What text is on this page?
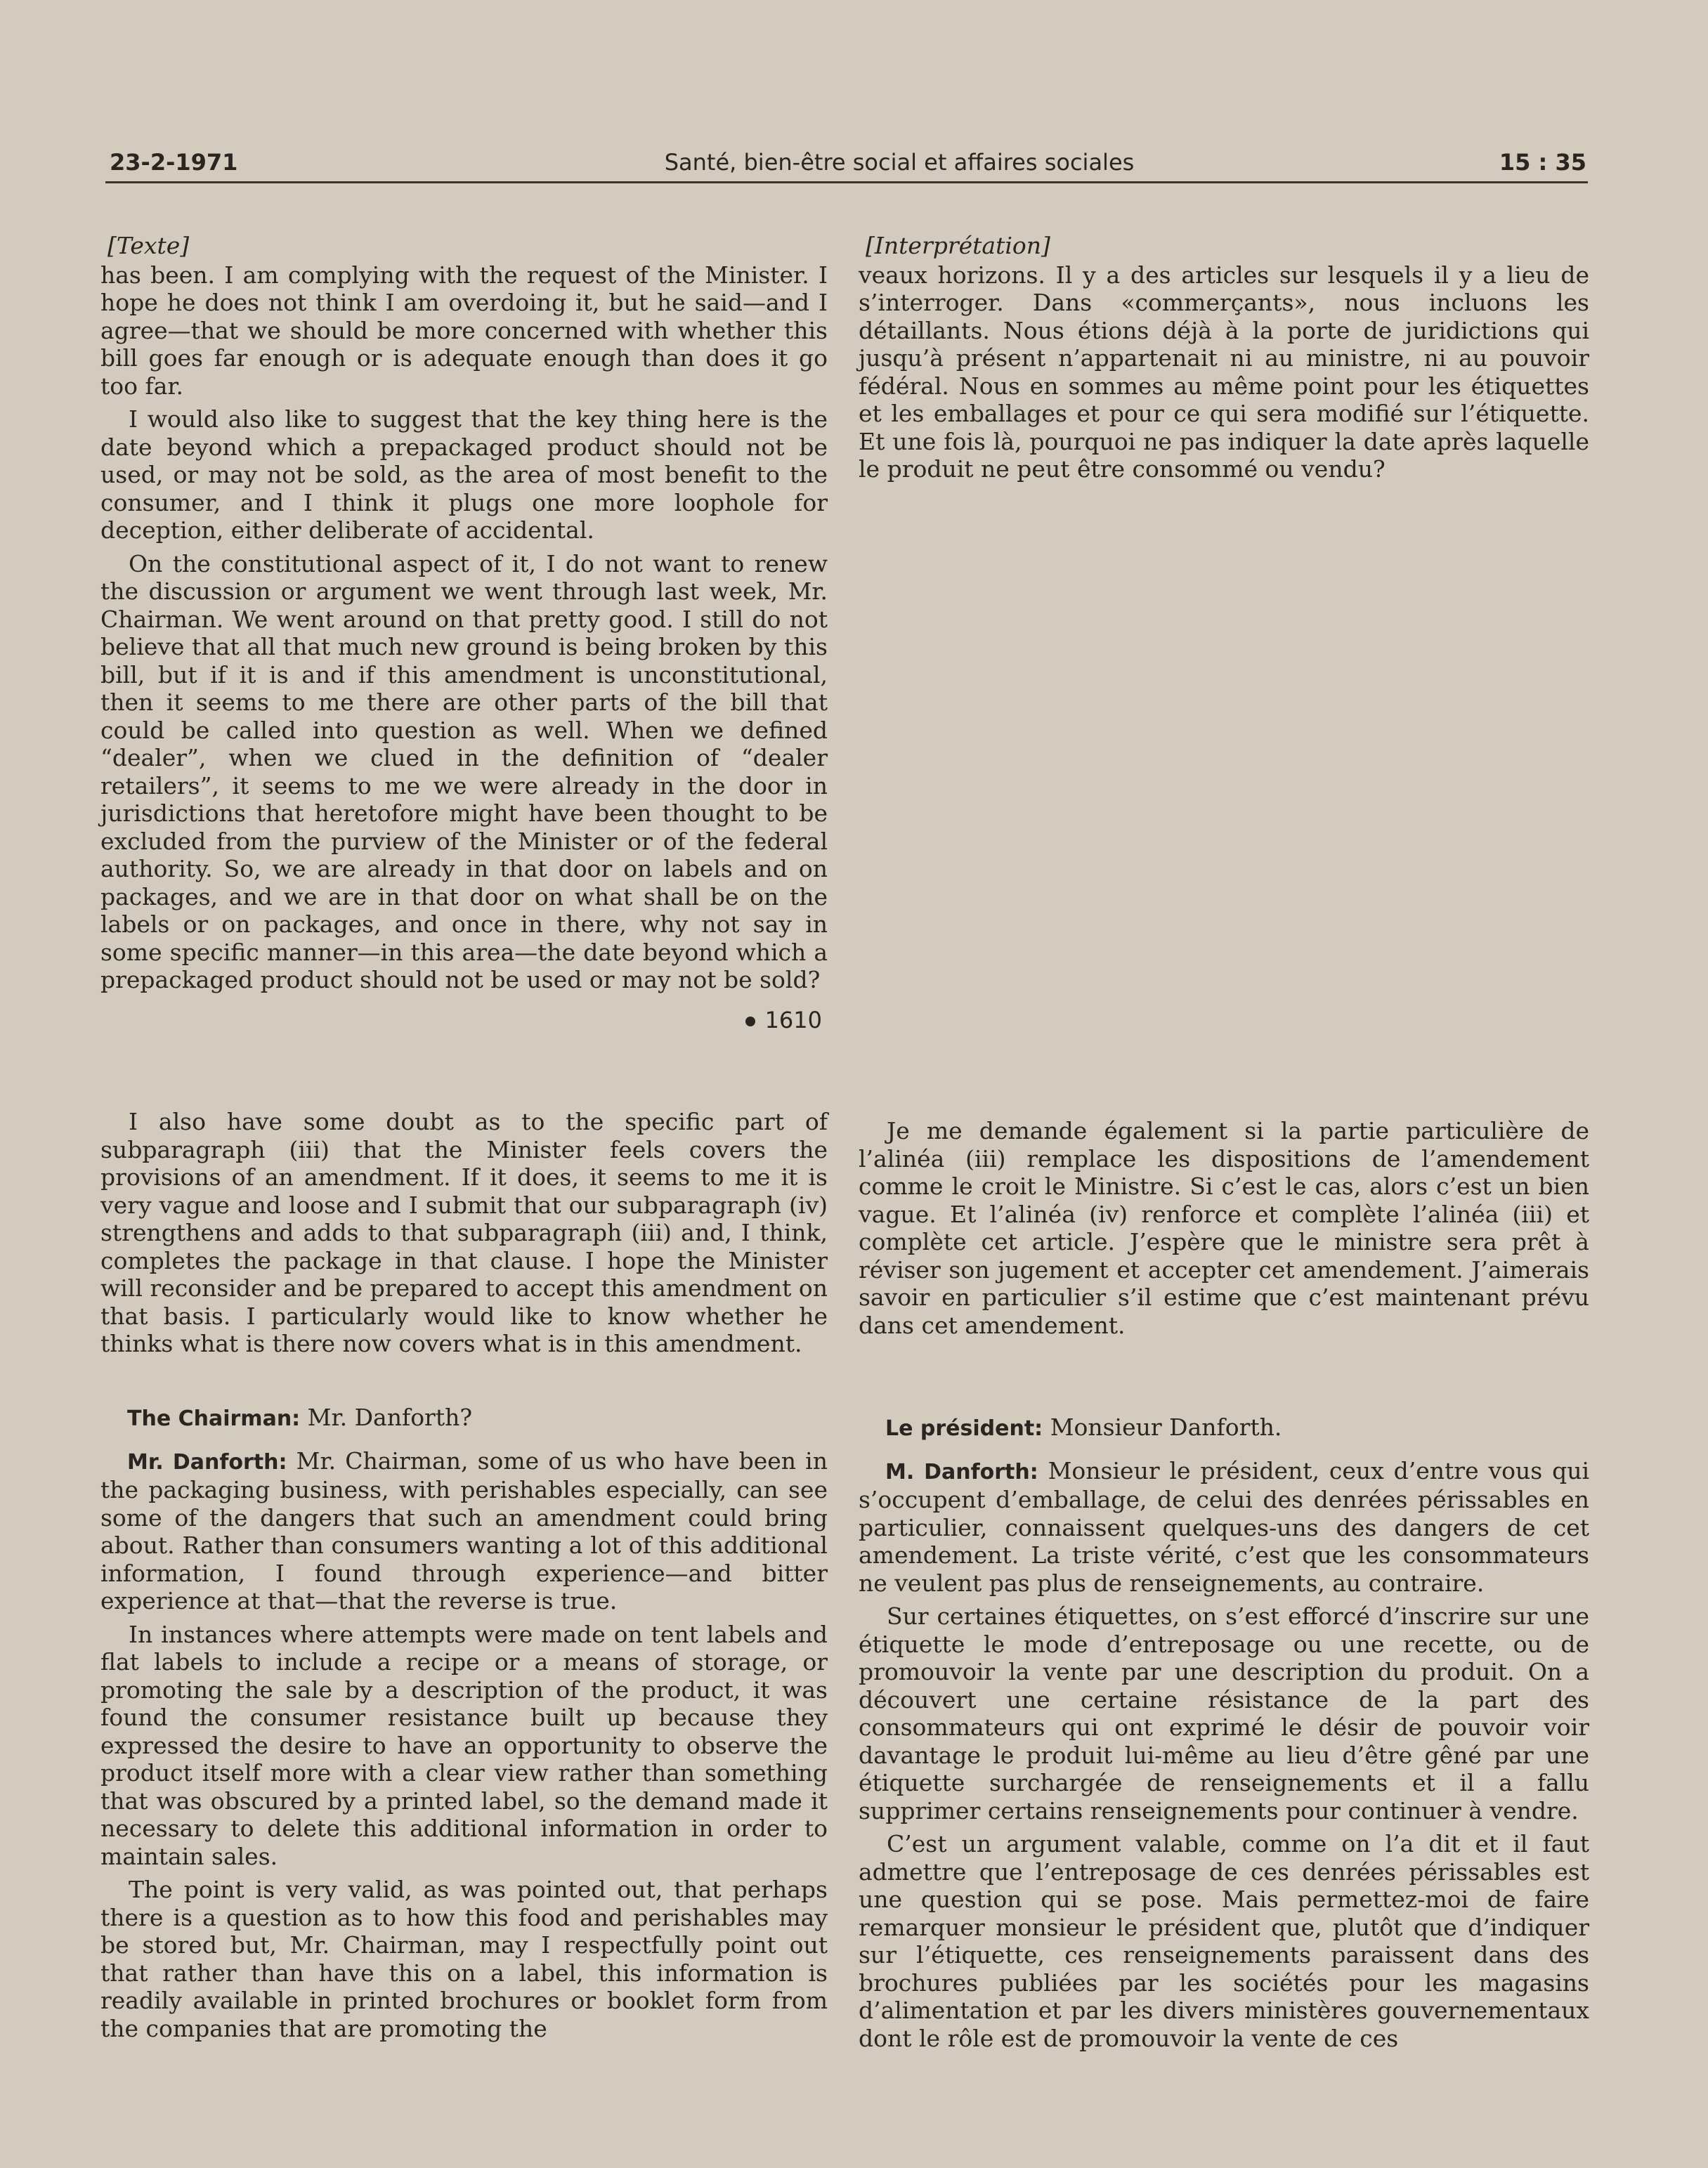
23-2-1971	Santé, bien-être social et affaires sociales	15 : 35

[Texte]

has been. I am complying with the request of the Minister. I hope he does not think I am overdoing it, but he said—and I agree—that we should be more concerned with whether this bill goes far enough or is adequate enough than does it go too far.

I would also like to suggest that the key thing here is the date beyond which a prepackaged product should not be used, or may not be sold, as the area of most benefit to the consumer, and I think it plugs one more loophole for deception, either deliberate of accidental.

On the constitutional aspect of it, I do not want to renew the discussion or argument we went through last week, Mr. Chairman. We went around on that pretty good. I still do not believe that all that much new ground is being broken by this bill, but if it is and if this amendment is unconstitutional, then it seems to me there are other parts of the bill that could be called into question as well. When we defined “dealer”, when we clued in the definition of “dealer retailers”, it seems to me we were already in the door in jurisdictions that heretofore might have been thought to be excluded from the purview of the Minister or of the federal authority. So, we are already in that door on labels and on packages, and we are in that door on what shall be on the labels or on packages, and once in there, why not say in some specific manner—in this area—the date beyond which a prepackaged product should not be used or may not be sold?

1610

I also have some doubt as to the specific part of subparagraph (iii) that the Minister feels covers the provisions of an amendment. If it does, it seems to me it is very vague and loose and I submit that our subparagraph (iv) strengthens and adds to that subparagraph (iii) and, I think, completes the package in that clause. I hope the Minister will reconsider and be prepared to accept this amendment on that basis. I particularly would like to know whether he thinks what is there now covers what is in this amendment.

The Chairman: Mr. Danforth?

Mr. Danforth: Mr. Chairman, some of us who have been in the packaging business, with perishables especially, can see some of the dangers that such an amendment could bring about. Rather than consumers wanting a lot of this additional information, I found through experience—and bitter experience at that—that the reverse is true.

In instances where attempts were made on tent labels and flat labels to include a recipe or a means of storage, or promoting the sale by a description of the product, it was found the consumer resistance built up because they expressed the desire to have an opportunity to observe the product itself more with a clear view rather than something that was obscured by a printed label, so the demand made it necessary to delete this additional information in order to maintain sales.

The point is very valid, as was pointed out, that perhaps there is a question as to how this food and perishables may be stored but, Mr. Chairman, may I respectfully point out that rather than have this on a label, this information is readily available in printed brochures or booklet form from the companies that are promoting the

[Interprétation]

veaux horizons. Il y a des articles sur lesquels il y a lieu de s’interroger. Dans «commerçants», nous incluons les détaillants. Nous étions déjà à la porte de juridictions qui jusqu’à présent n’appartenait ni au ministre, ni au pouvoir fédéral. Nous en sommes au même point pour les étiquettes et les emballages et pour ce qui sera modifié sur l’étiquette. Et une fois là, pourquoi ne pas indiquer la date après laquelle le produit ne peut être consommé ou vendu?

Je me demande également si la partie particulière de l’alinéa (iii) remplace les dispositions de l’amendement comme le croit le Ministre. Si c’est le cas, alors c’est un bien vague. Et l’alinéa (iv) renforce et complète l’alinéa (iii) et complète cet article. J’espère que le ministre sera prêt à réviser son jugement et accepter cet amendement. J’aimerais savoir en particulier s’il estime que c’est maintenant prévu dans cet amendement.

Le président: Monsieur Danforth.

M. Danforth: Monsieur le président, ceux d’entre vous qui s’occupent d’emballage, de celui des denrées périssables en particulier, connaissent quelques-uns des dangers de cet amendement. La triste vérité, c’est que les consommateurs ne veulent pas plus de renseignements, au contraire.

Sur certaines étiquettes, on s’est efforcé d’inscrire sur une étiquette le mode d’entreposage ou une recette, ou de promouvoir la vente par une description du produit. On a découvert une certaine résistance de la part des consommateurs qui ont exprimé le désir de pouvoir voir davantage le produit lui-même au lieu d’être gêné par une étiquette surchargée de renseignements et il a fallu supprimer certains renseignements pour continuer à vendre.

C’est un argument valable, comme on l’a dit et il faut admettre que l’entreposage de ces denrées périssables est une question qui se pose. Mais permettez-moi de faire remarquer monsieur le président que, plutôt que d’indiquer sur l’étiquette, ces renseignements paraissent dans des brochures publiées par les sociétés pour les magasins d’alimentation et par les divers ministères gouvernementaux dont le rôle est de promouvoir la vente de ces
